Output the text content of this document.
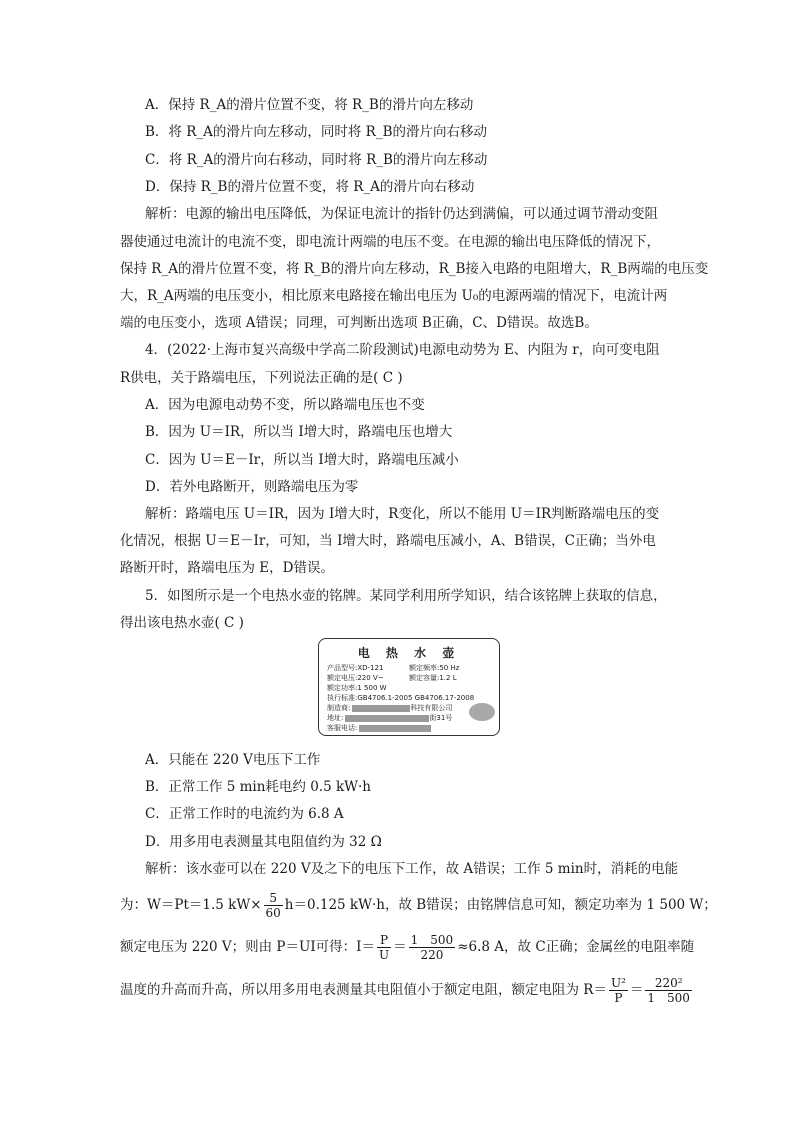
A．保持 R_A的滑片位置不变，将 R_B的滑片向左移动
B．将 R_A的滑片向左移动，同时将 R_B的滑片向右移动
C．将 R_A的滑片向右移动，同时将 R_B的滑片向左移动
D．保持 R_B的滑片位置不变，将 R_A的滑片向右移动
解析：电源的输出电压降低，为保证电流计的指针仍达到满偏，可以通过调节滑动变阻
器使通过电流计的电流不变，即电流计两端的电压不变。在电源的输出电压降低的情况下，
保持 R_A的滑片位置不变，将 R_B的滑片向左移动，R_B接入电路的电阻增大，R_B两端的电压变
大，R_A两端的电压变小，相比原来电路接在输出电压为 U₀的电源两端的情况下，电流计两
端的电压变小，选项 A错误；同理，可判断出选项 B正确，C、D错误。故选B。
4．(2022·上海市复兴高级中学高二阶段测试)电源电动势为 E、内阻为 r，向可变电阻
R供电，关于路端电压，下列说法正确的是( C )
A．因为电源电动势不变，所以路端电压也不变
B．因为 U＝IR，所以当 I增大时，路端电压也增大
C．因为 U＝E－Ir，所以当 I增大时，路端电压减小
D．若外电路断开，则路端电压为零
解析：路端电压 U＝IR，因为 I增大时，R变化，所以不能用 U＝IR判断路端电压的变
化情况，根据 U＝E－Ir，可知，当 I增大时，路端电压减小，A、B错误，C正确；当外电
路断开时，路端电压为 E，D错误。
5．如图所示是一个电热水壶的铭牌。某同学利用所学知识，结合该铭牌上获取的信息，
得出该电热水壶( C )
电 热 水 壶
产品型号:XD-121	额定频率:50 Hz
额定电压:220 V~	额定容量:1.2 L
额定功率:1 500 W
执行标准:GB4706.1-2005 GB4706.17-2008
制造商:	科技有限公司
地址:	街31号
客服电话:
A．只能在 220 V电压下工作
B．正常工作 5 min耗电约 0.5 kW·h
C．正常工作时的电流约为 6.8 A
D．用多用电表测量其电阻值约为 32 Ω
解析：该水壶可以在 220 V及之下的电压下工作，故 A错误；工作 5 min时，消耗的电能
为：W＝Pt＝1.5 $kW\times \frac{5}{60} h=0.125$ kW·h，故 B错误；由铭牌信息可知，额定功率为 1 500 W；
额定电压为 220 V；则由 P＝UI可得：$I= \frac{P}{U} = \frac{1 500}{220} \approx 6.8$ A，故 C正确；金属丝的电阻率随
温度的升高而升高，所以用多用电表测量其电阻值小于额定电阻，额定电阻为 $R= \frac{\text{U²}}{P} = \frac{\text{220²}}{1 500}$
